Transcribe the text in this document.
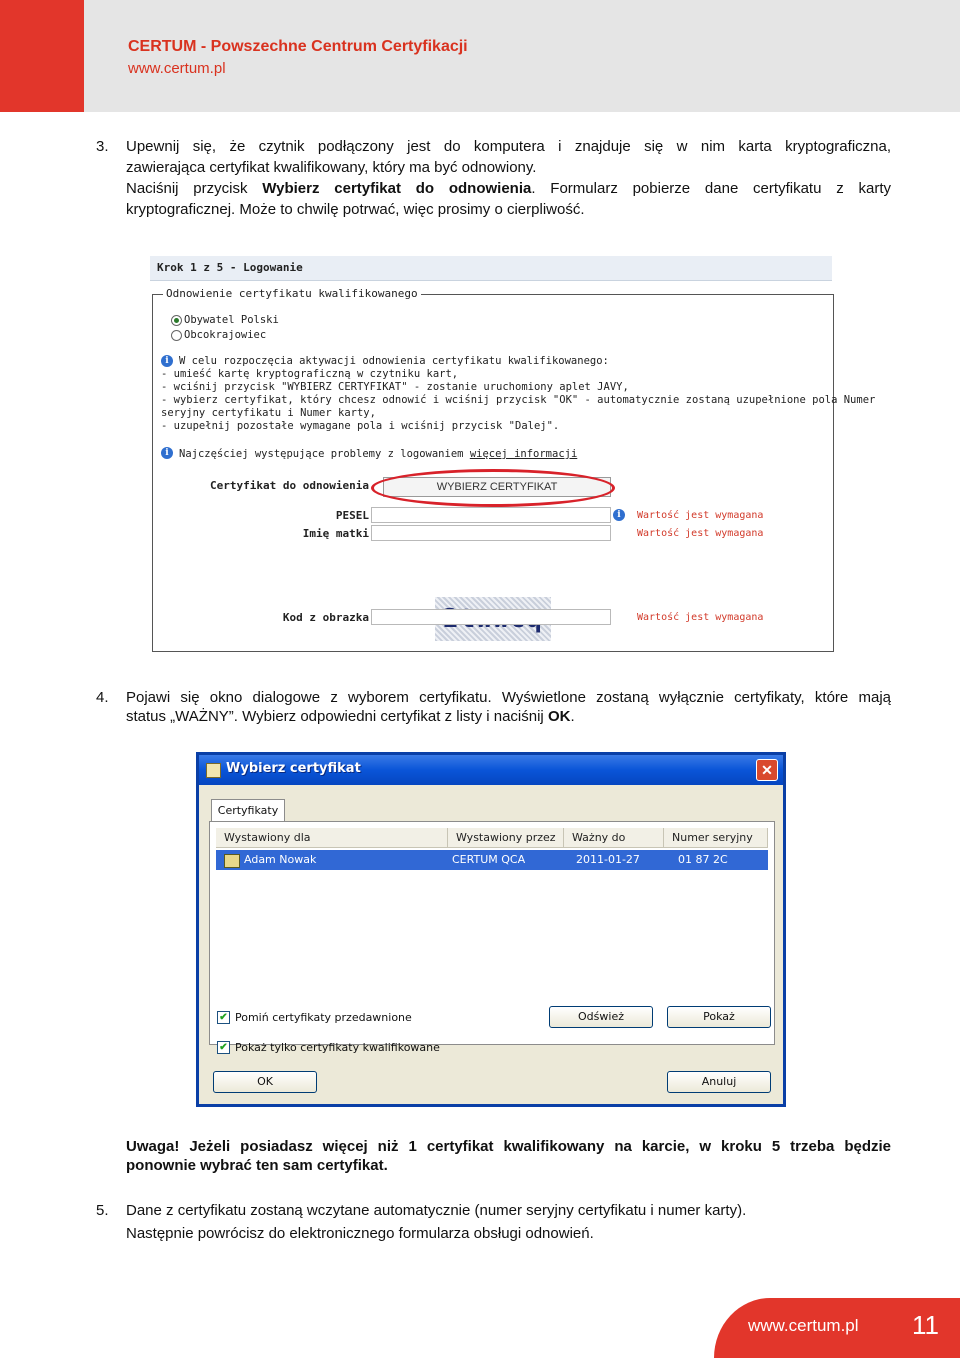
CERTUM - Powszechne Centrum Certyfikacji
www.certum.pl
3. Upewnij się, że czytnik podłączony jest do komputera i znajduje się w nim karta kryptograficzna,
zawierająca certyfikat kwalifikowany, który ma być odnowiony.
Naciśnij przycisk Wybierz certyfikat do odnowienia. Formularz pobierze dane certyfikatu z karty
kryptograficznej. Może to chwilę potrwać, więc prosimy o cierpliwość.
Krok 1 z 5 - Logowanie
Odnowienie certyfikatu kwalifikowanego
Obywatel Polski
Obcokrajowiec
i W celu rozpoczęcia aktywacji odnowienia certyfikatu kwalifikowanego:
- umieść kartę kryptograficzną w czytniku kart,
- wciśnij przycisk "WYBIERZ CERTYFIKAT" - zostanie uruchomiony aplet JAVY,
- wybierz certyfikat, który chcesz odnowić i wciśnij przycisk "OK" - automatycznie zostaną uzupełnione pola Numer
seryjny certyfikatu i Numer karty,
- uzupełnij pozostałe wymagane pola i wciśnij przycisk "Dalej".
i Najczęściej występujące problemy z logowaniem więcej informacji
Certyfikat do odnowienia	WYBIERZ CERTYFIKAT
PESEL	i	Wartość jest wymagana
Imię matki	Wartość jest wymagana
Kod z obrazka	Wartość jest wymagana
4. Pojawi się okno dialogowe z wyborem certyfikatu. Wyświetlone zostaną wyłącznie certyfikaty, które mają
status „WAŻNY”. Wybierz odpowiedni certyfikat z listy i naciśnij OK.
Wybierz certyfikat	✕
Certyfikaty
Wystawiony dla	Wystawiony przez	Ważny do	Numer seryjny
Adam Nowak	CERTUM QCA	2011-01-27	01 87 2C
✔ Pomiń certyfikaty przedawnione	Odśwież	Pokaż
✔ Pokaż tylko certyfikaty kwalifikowane
OK	Anuluj
Uwaga! Jeżeli posiadasz więcej niż 1 certyfikat kwalifikowany na karcie, w kroku 5 trzeba będzie
ponownie wybrać ten sam certyfikat.
5. Dane z certyfikatu zostaną wczytane automatycznie (numer seryjny certyfikatu i numer karty).
Następnie powrócisz do elektronicznego formularza obsługi odnowień.
www.certum.pl 11
